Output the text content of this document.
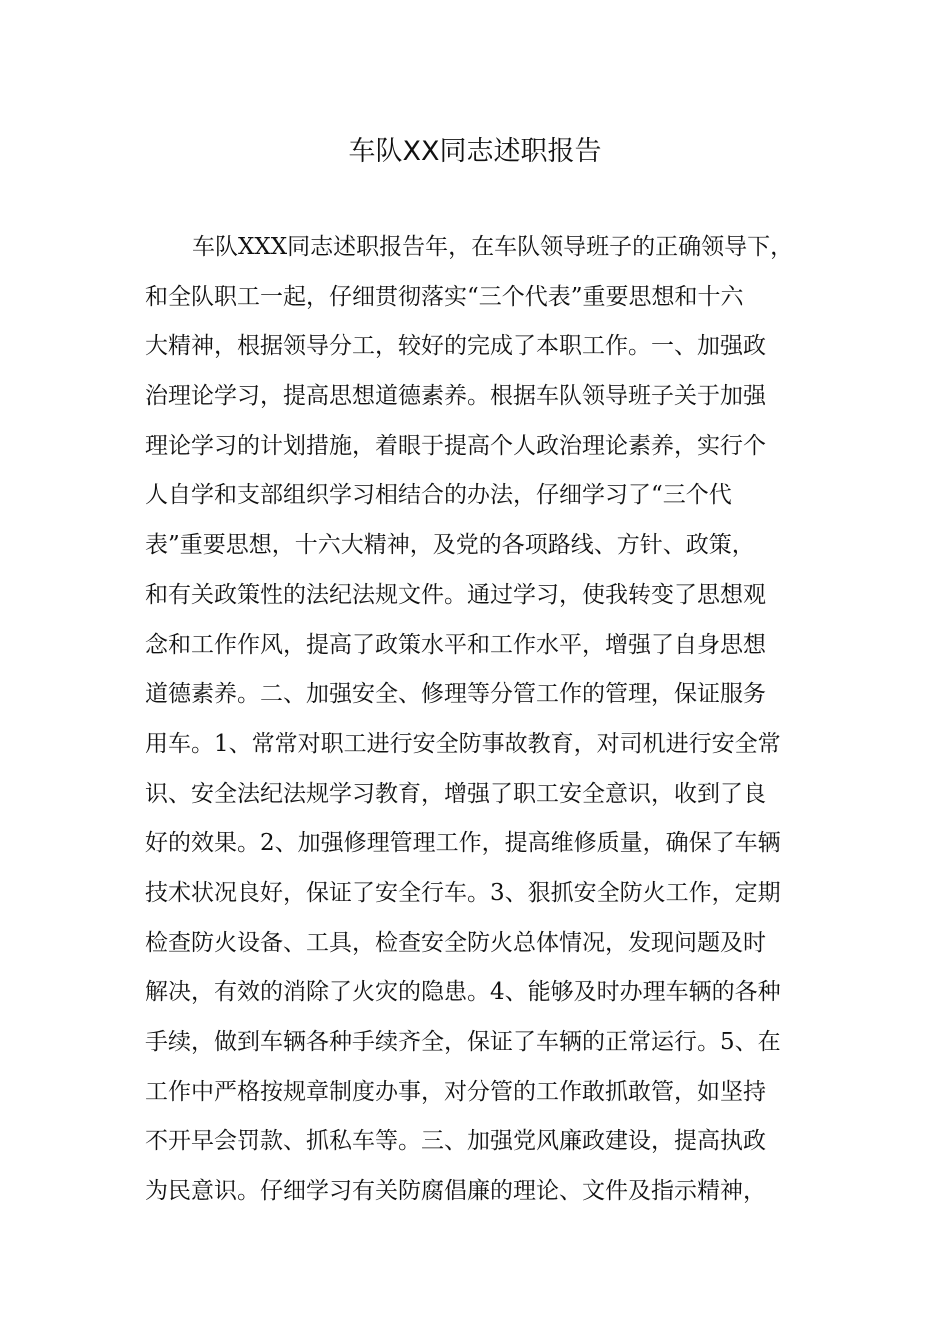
车队XX同志述职报告
车队XXX同志述职报告年，在车队领导班子的正确领导下，
和全队职工一起，仔细贯彻落实“三个代表”重要思想和十六
大精神，根据领导分工，较好的完成了本职工作。一、加强政
治理论学习，提高思想道德素养。根据车队领导班子关于加强
理论学习的计划措施，着眼于提高个人政治理论素养，实行个
人自学和支部组织学习相结合的办法，仔细学习了“三个代
表”重要思想，十六大精神，及党的各项路线、方针、政策，
和有关政策性的法纪法规文件。通过学习，使我转变了思想观
念和工作作风，提高了政策水平和工作水平，增强了自身思想
道德素养。二、加强安全、修理等分管工作的管理，保证服务
用车。1、常常对职工进行安全防事故教育，对司机进行安全常
识、安全法纪法规学习教育，增强了职工安全意识，收到了良
好的效果。2、加强修理管理工作，提高维修质量，确保了车辆
技术状况良好，保证了安全行车。3、狠抓安全防火工作，定期
检查防火设备、工具，检查安全防火总体情况，发现问题及时
解决，有效的消除了火灾的隐患。4、能够及时办理车辆的各种
手续，做到车辆各种手续齐全，保证了车辆的正常运行。5、在
工作中严格按规章制度办事，对分管的工作敢抓敢管，如坚持
不开早会罚款、抓私车等。三、加强党风廉政建设，提高执政
为民意识。仔细学习有关防腐倡廉的理论、文件及指示精神，
